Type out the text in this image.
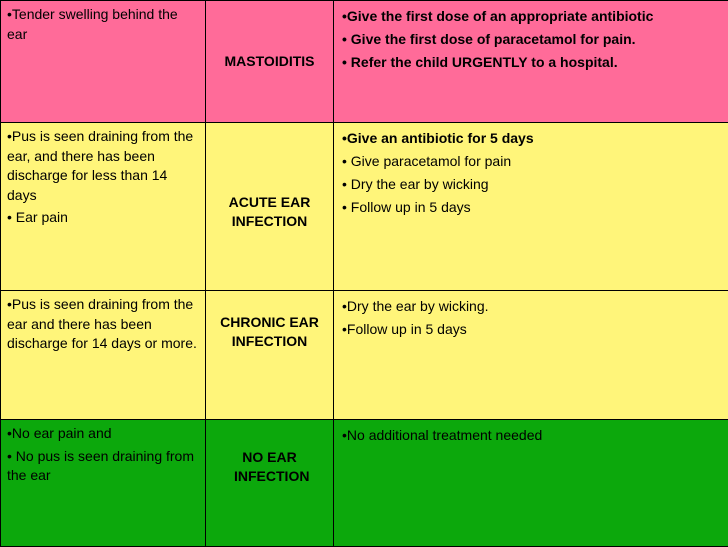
•Tender swelling behind the ear	MASTOIDITIS	•Give the first dose of an appropriate antibiotic
• Give the first dose of paracetamol for pain.
• Refer the child URGENTLY to a hospital.

•Pus is seen draining from the ear, and there has been discharge for less than 14 days
• Ear pain	ACUTE EAR INFECTION	•Give an antibiotic for 5 days
• Give paracetamol for pain
• Dry the ear by wicking
• Follow up in 5 days

•Pus is seen draining from the ear and there has been discharge for 14 days or more.	CHRONIC EAR INFECTION	•Dry the ear by wicking.
•Follow up in 5 days

•No ear pain and
• No pus is seen draining from the ear	NO EAR INFECTION	•No additional treatment needed
